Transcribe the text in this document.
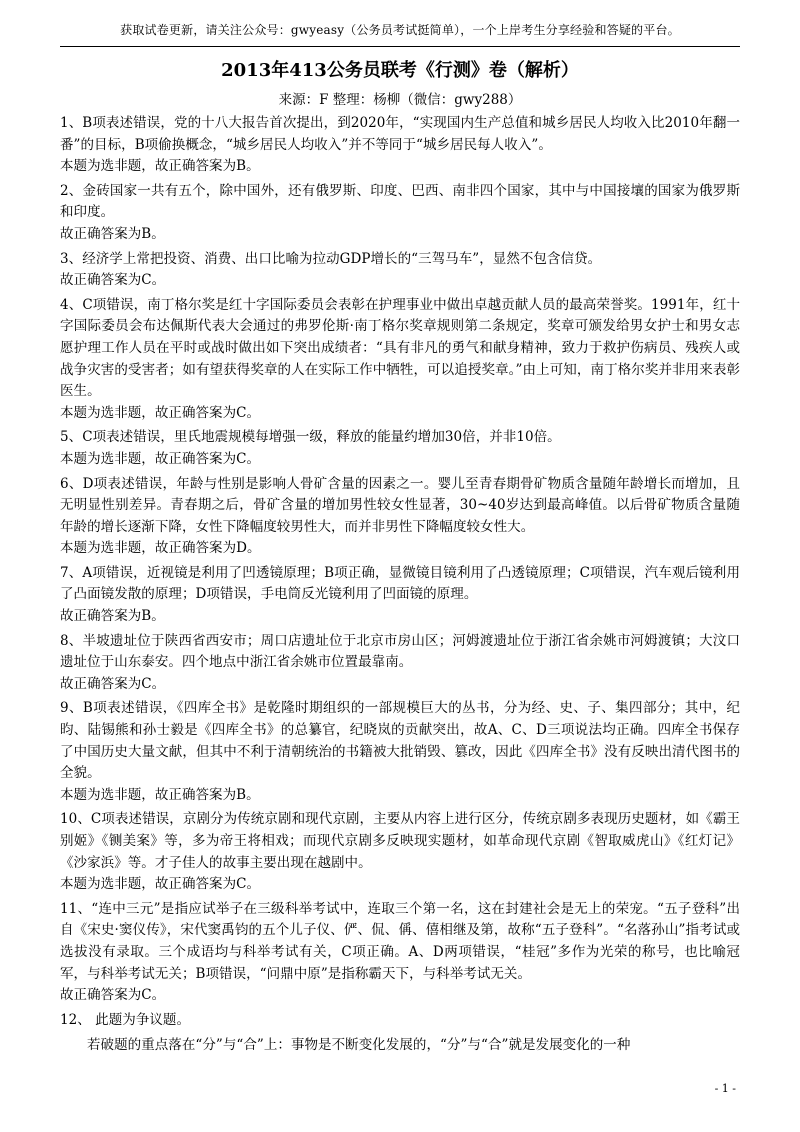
获取试卷更新，请关注公众号：gwyeasy（公务员考试挺简单），一个上岸考生分享经验和答疑的平台。
2013年413公务员联考《行测》卷（解析）
来源：F 整理：杨柳（微信：gwy288）

1、B项表述错误，党的十八大报告首次提出，到2020年，“实现国内生产总值和城乡居民人均收入比2010年翻一番”的目标，B项偷换概念，“城乡居民人均收入”并不等同于“城乡居民每人收入”。

本题为选非题，故正确答案为B。

2、金砖国家一共有五个，除中国外，还有俄罗斯、印度、巴西、南非四个国家，其中与中国接壤的国家为俄罗斯和印度。

故正确答案为B。

3、经济学上常把投资、消费、出口比喻为拉动GDP增长的“三驾马车”，显然不包含信贷。

故正确答案为C。

4、C项错误，南丁格尔奖是红十字国际委员会表彰在护理事业中做出卓越贡献人员的最高荣誉奖。1991年，红十字国际委员会布达佩斯代表大会通过的弗罗伦斯·南丁格尔奖章规则第二条规定，奖章可颁发给男女护士和男女志愿护理工作人员在平时或战时做出如下突出成绩者：“具有非凡的勇气和献身精神，致力于救护伤病员、残疾人或战争灾害的受害者；如有望获得奖章的人在实际工作中牺牲，可以追授奖章。”由上可知，南丁格尔奖并非用来表彰医生。

本题为选非题，故正确答案为C。

5、C项表述错误，里氏地震规模每增强一级，释放的能量约增加30倍，并非10倍。

本题为选非题，故正确答案为C。

6、D项表述错误，年龄与性别是影响人骨矿含量的因素之一。婴儿至青春期骨矿物质含量随年龄增长而增加，且无明显性别差异。青春期之后，骨矿含量的增加男性较女性显著，30~40岁达到最高峰值。以后骨矿物质含量随年龄的增长逐渐下降，女性下降幅度较男性大，而并非男性下降幅度较女性大。

本题为选非题，故正确答案为D。

7、A项错误，近视镜是利用了凹透镜原理；B项正确，显微镜目镜利用了凸透镜原理；C项错误，汽车观后镜利用了凸面镜发散的原理；D项错误，手电筒反光镜利用了凹面镜的原理。

故正确答案为B。

8、半坡遗址位于陕西省西安市；周口店遗址位于北京市房山区；河姆渡遗址位于浙江省余姚市河姆渡镇；大汶口遗址位于山东泰安。四个地点中浙江省余姚市位置最靠南。

故正确答案为C。

9、B项表述错误，《四库全书》是乾隆时期组织的一部规模巨大的丛书，分为经、史、子、集四部分；其中，纪昀、陆锡熊和孙士毅是《四库全书》的总纂官，纪晓岚的贡献突出，故A、C、D三项说法均正确。四库全书保存了中国历史大量文献，但其中不利于清朝统治的书籍被大批销毁、篡改，因此《四库全书》没有反映出清代图书的全貌。

本题为选非题，故正确答案为B。

10、C项表述错误，京剧分为传统京剧和现代京剧，主要从内容上进行区分，传统京剧多表现历史题材，如《霸王别姬》《铡美案》等，多为帝王将相戏；而现代京剧多反映现实题材，如革命现代京剧《智取威虎山》《红灯记》《沙家浜》等。才子佳人的故事主要出现在越剧中。

本题为选非题，故正确答案为C。

11、“连中三元”是指应试举子在三级科举考试中，连取三个第一名，这在封建社会是无上的荣宠。“五子登科”出自《宋史·窦仪传》，宋代窦禹钧的五个儿子仪、俨、侃、偁、僖相继及第，故称“五子登科”。“名落孙山”指考试或选拔没有录取。三个成语均与科举考试有关，C项正确。A、D两项错误，“桂冠”多作为光荣的称号，也比喻冠军，与科举考试无关；B项错误，“问鼎中原”是指称霸天下，与科举考试无关。

故正确答案为C。

12、 此题为争议题。

若破题的重点落在“分”与“合”上：事物是不断变化发展的，“分”与“合”就是发展变化的一种

- 1 -
